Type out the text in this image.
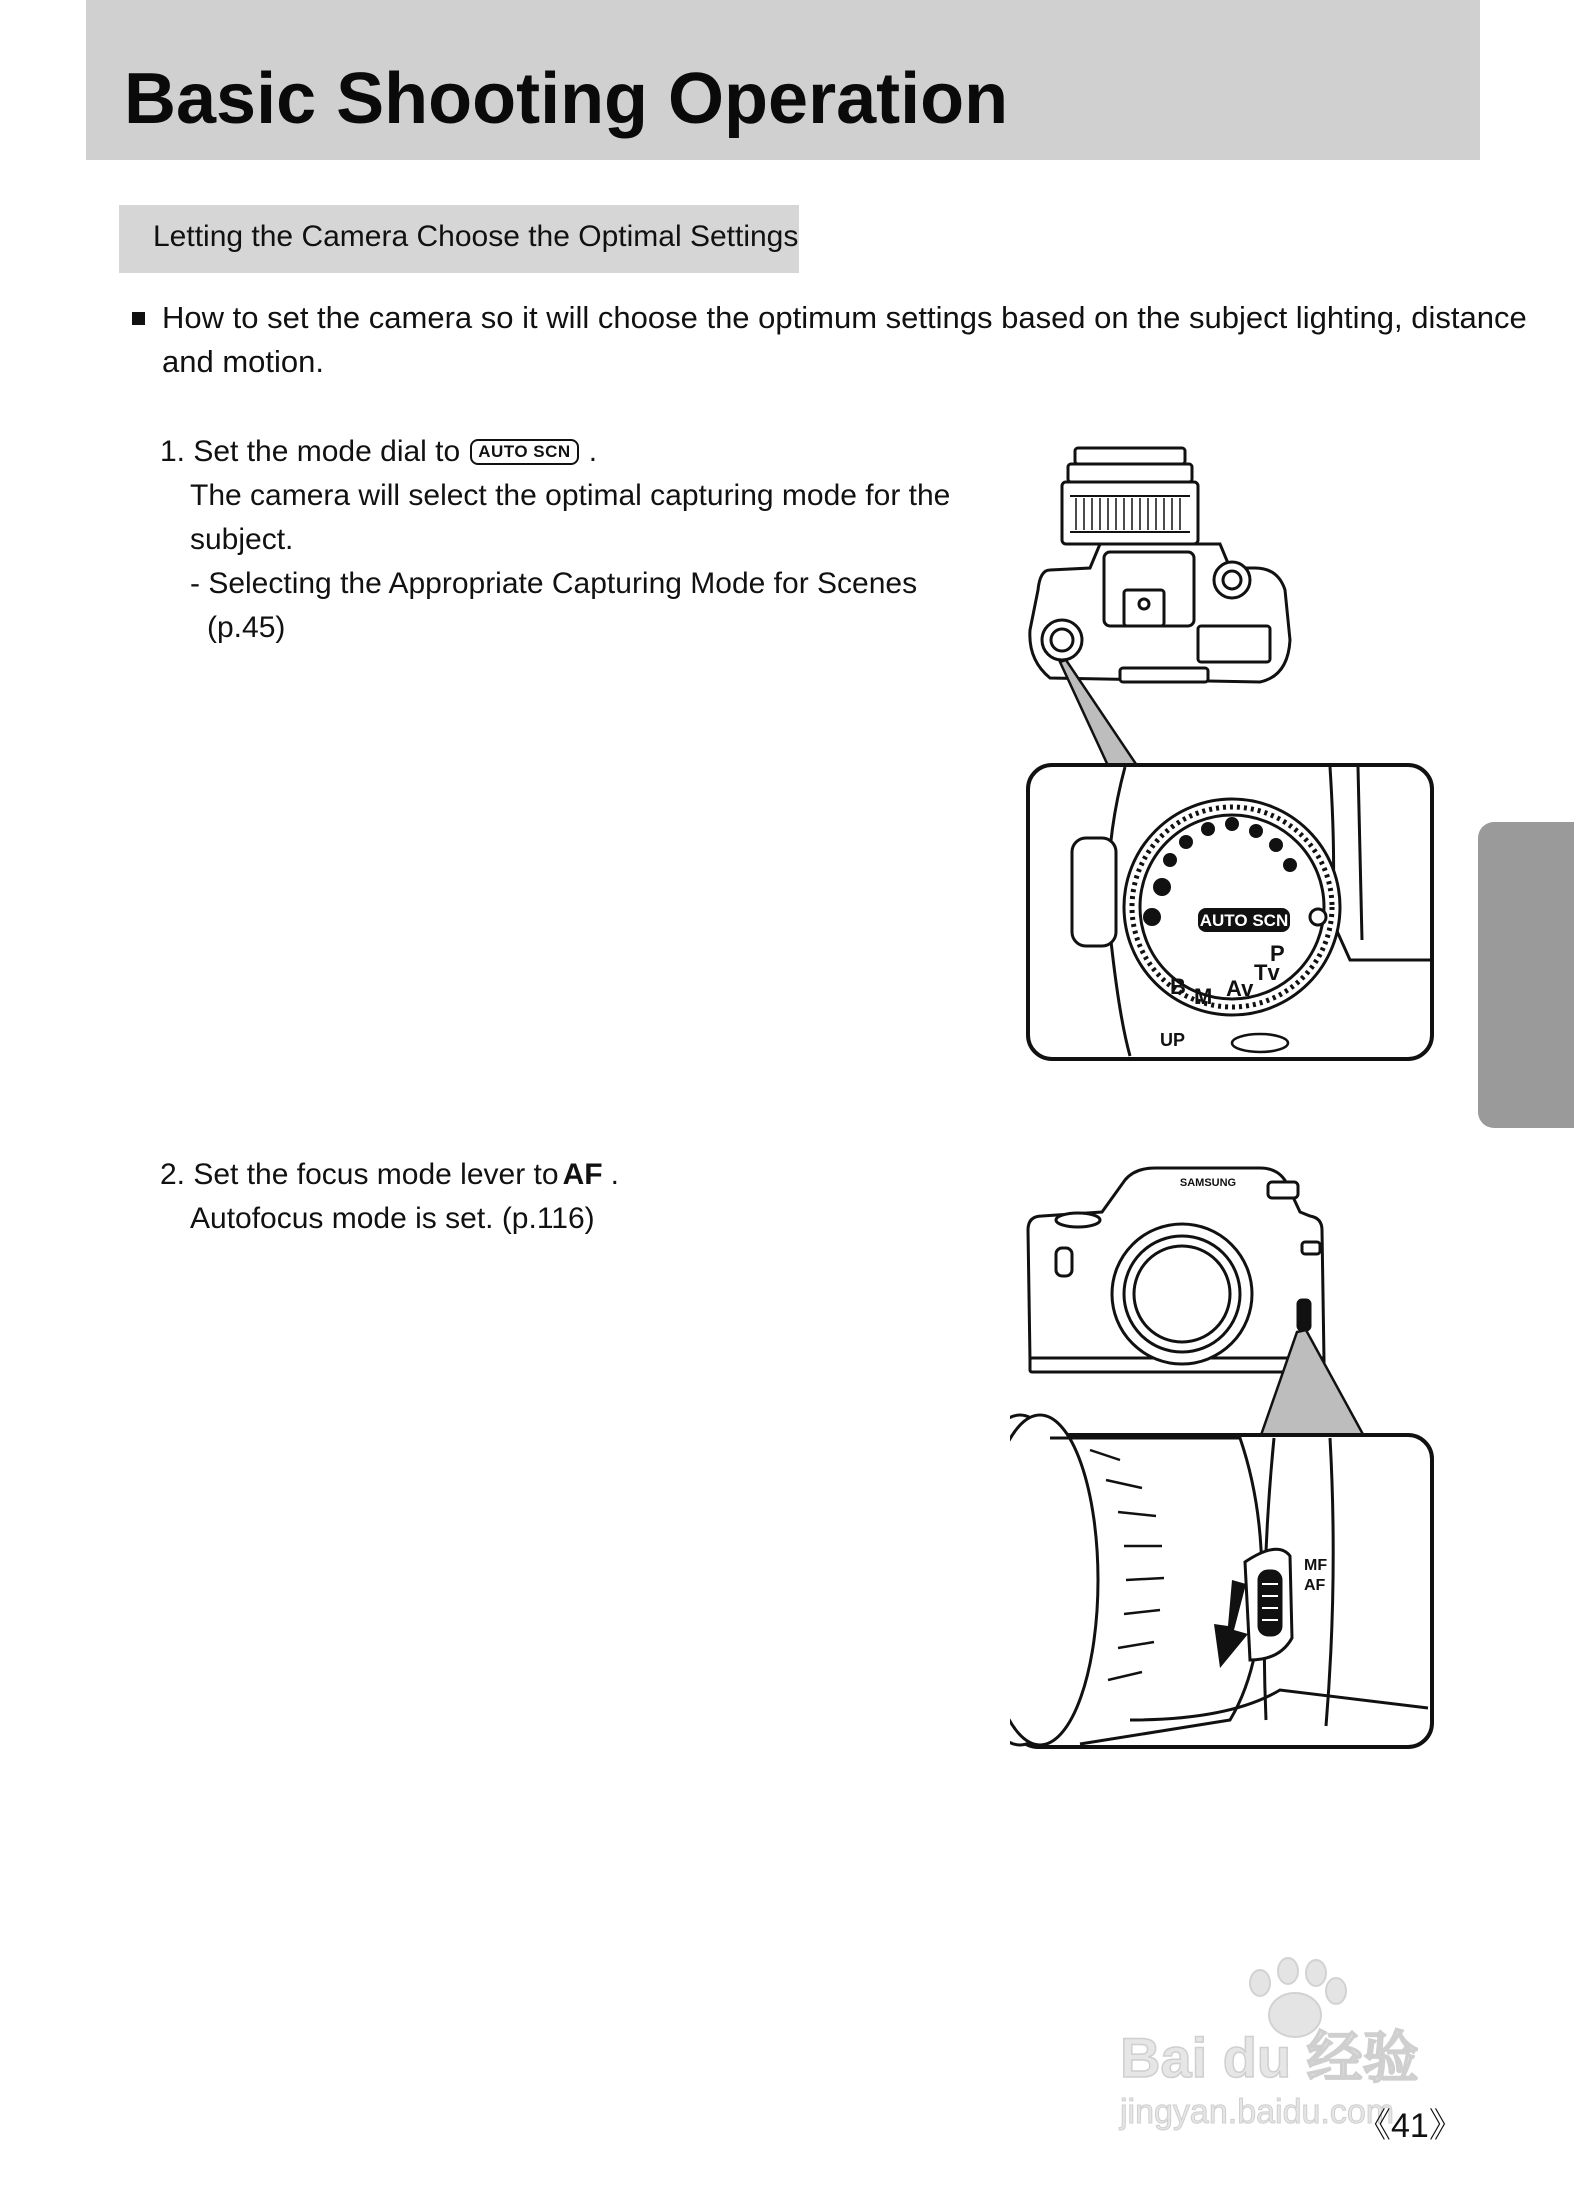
Basic Shooting Operation
Letting the Camera Choose the Optimal Settings
How to set the camera so it will choose the optimum settings based on the subject lighting, distance
and motion.
1. Set the mode dial to AUTO SCN .
The camera will select the optimal capturing mode for the
subject.
- Selecting the Appropriate Capturing Mode for Scenes
(p.45)
AUTO SCN
P
Tv
Av
M
B
UP
2. Set the focus mode lever to AF .
Autofocus mode is set. (p.116)
SAMSUNG
MF
AF
Bai du 经验
jingyan.baidu.com
《41》
